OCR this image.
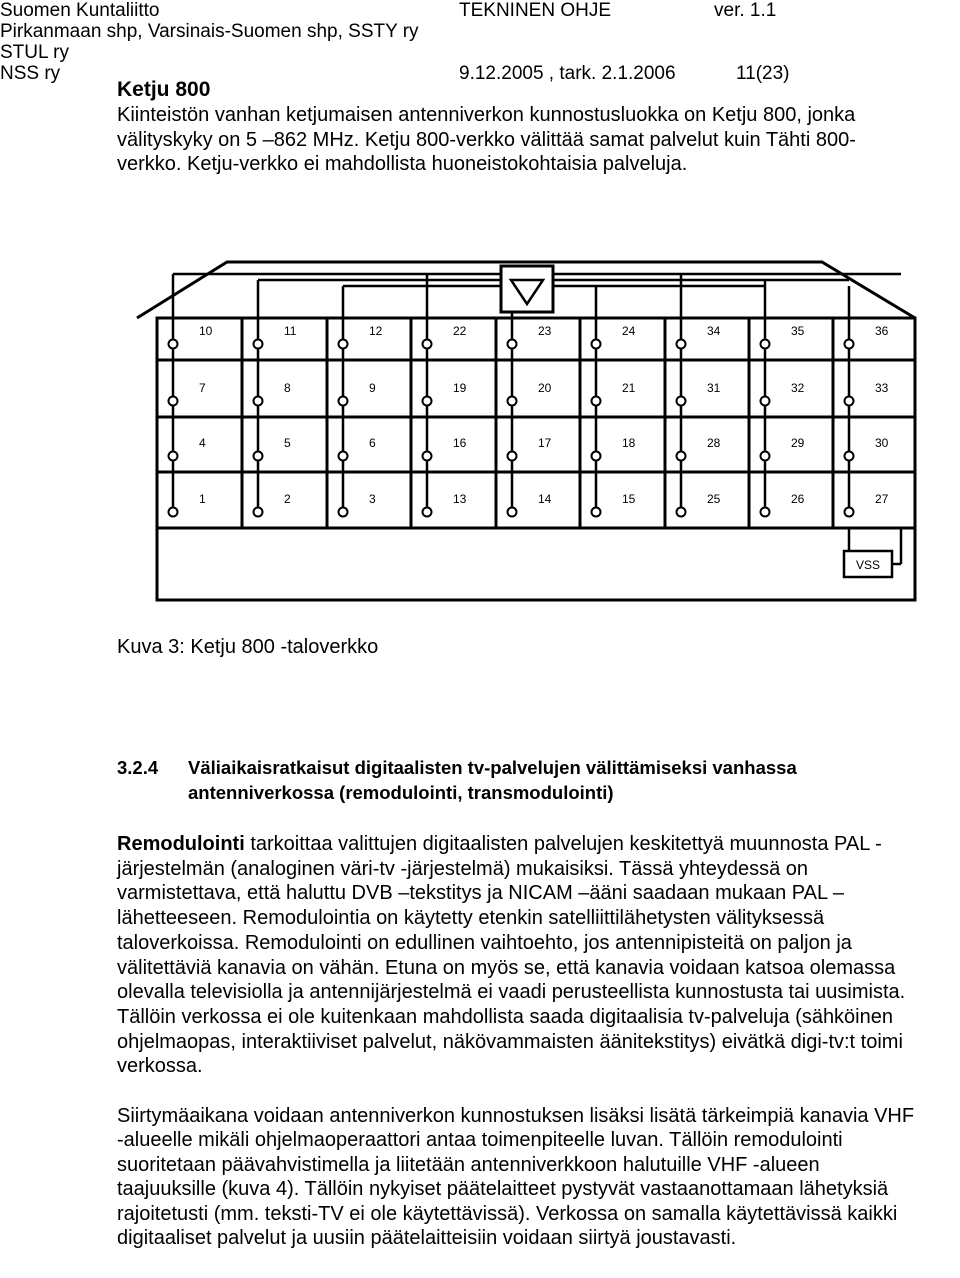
Suomen Kuntaliitto	TEKNINEN OHJE	ver. 1.1
Pirkanmaan shp, Varsinais-Suomen shp, SSTY ry
STUL ry
NSS ry	9.12.2005 , tark. 2.1.2006	11(23)
Ketju 800

Kiinteistön vanhan ketjumaisen antenniverkon kunnostusluokka on Ketju 800, jonka välityskyky on 5 –862 MHz. Ketju 800-verkko välittää samat palvelut kuin Tähti 800-verkko. Ketju-verkko ei mahdollista huoneistokohtaisia palveluja.

10	11	12	22	23	24	34	35	36
7	8	9	19	20	21	31	32	33
4	5	6	16	17	18	28	29	30
1	2	3	13	14	15	25	26	27
VSS
Kuva 3: Ketju 800 -taloverkko
3.2.4 Väliaikaisratkaisut digitaalisten tv-palvelujen välittämiseksi vanhassa antenniverkossa (remodulointi, transmodulointi)

Remodulointi tarkoittaa valittujen digitaalisten palvelujen keskitettyä muunnosta PAL -järjestelmän (analoginen väri-tv -järjestelmä) mukaisiksi. Tässä yhteydessä on varmistettava, että haluttu DVB –tekstitys ja NICAM –ääni saadaan mukaan PAL –lähetteeseen. Remodulointia on käytetty etenkin satelliittilähetysten välityksessä taloverkoissa. Remodulointi on edullinen vaihtoehto, jos antennipisteitä on paljon ja välitettäviä kanavia on vähän. Etuna on myös se, että kanavia voidaan katsoa olemassa olevalla televisiolla ja antennijärjestelmä ei vaadi perusteellista kunnostusta tai uusimista. Tällöin verkossa ei ole kuitenkaan mahdollista saada digitaalisia tv-palveluja (sähköinen ohjelmaopas, interaktiiviset palvelut, näkövammaisten äänitekstitys) eivätkä digi-tv:t toimi verkossa.

Siirtymäaikana voidaan antenniverkon kunnostuksen lisäksi lisätä tärkeimpiä kanavia VHF -alueelle mikäli ohjelmaoperaattori antaa toimenpiteelle luvan. Tällöin remodulointi suoritetaan päävahvistimella ja liitetään antenniverkkoon halutuille VHF -alueen taajuuksille (kuva 4). Tällöin nykyiset päätelaitteet pystyvät vastaanottamaan lähetyksiä rajoitetusti (mm. teksti-TV ei ole käytettävissä). Verkossa on samalla käytettävissä kaikki digitaaliset palvelut ja uusiin päätelaitteisiin voidaan siirtyä joustavasti.
